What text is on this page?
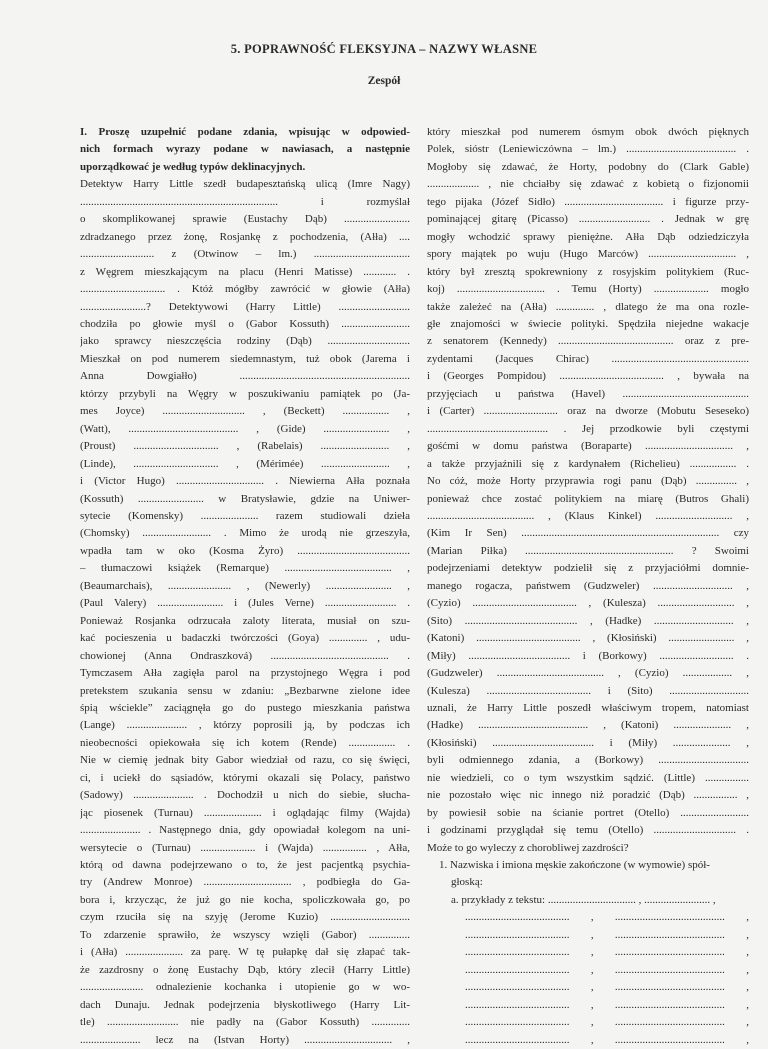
5. POPRAWNOŚĆ FLEKSYJNA – NAZWY WŁASNE
Zespół
I. Proszę uzupełnić podane zdania, wpisując w odpowied-
nich formach wyrazy podane w nawiasach, a następnie
uporządkować je według typów deklinacyjnych.
Detektyw Harry Little szedł budapesztańską ulicą (Imre Nagy)
........................................................................ i rozmyślał
o skomplikowanej sprawie (Eustachy Dąb) ........................
zdradzanego przez żonę, Rosjankę z pochodzenia, (Ałła) ....
........................... z (Otwinow – lm.) ...................................
z Węgrem mieszkającym na placu (Henri Matisse) ............ .
............................... . Któż mógłby zawrócić w głowie (Ałła)
........................? Detektywowi (Harry Little) ..........................
chodziła po głowie myśl o (Gabor Kossuth) .........................
jako sprawcy nieszczęścia rodziny (Dąb) ..............................
Mieszkał on pod numerem siedemnastym, tuż obok (Jarema i
Anna Dowgiałło) ..............................................................
którzy przybyli na Węgry w poszukiwaniu pamiątek po (Ja-
mes Joyce) .............................. , (Beckett) ................. ,
(Watt), ........................................ , (Gide) ........................ ,
(Proust) ............................... , (Rabelais) ......................... ,
(Linde), ............................... , (Mérimée) ......................... ,
i (Victor Hugo) ................................ . Niewierna Ałła poznała
(Kossuth) ........................ w Bratysławie, gdzie na Uniwer-
sytecie (Komensky) ..................... razem studiowali dzieła
(Chomsky) ......................... . Mimo że urodą nie grzeszyła,
wpadła tam w oko (Kosma Żyro) .........................................
– tłumaczowi książek (Remarque) ....................................... ,
(Beaumarchais), ....................... , (Newerly) ........................ ,
(Paul Valery) ........................ i (Jules Verne) .......................... .
Ponieważ Rosjanka odrzucała zaloty literata, musiał on szu-
kać pocieszenia u badaczki twórczości (Goya) .............. , udu-
chowionej (Anna Ondraszková) ........................................... .
Tymczasem Ałła zagięła parol na przystojnego Węgra i pod
pretekstem szukania sensu w zdaniu: „Bezbarwne zielone idee
śpią wściekle” zaciągnęła go do pustego mieszkania państwa
(Lange) ...................... , którzy poprosili ją, by podczas ich
nieobecności opiekowała się ich kotem (Rende) ................. .
Nie w ciemię jednak bity Gabor wiedział od razu, co się święci,
ci, i uciekł do sąsiadów, którymi okazali się Polacy, państwo
(Sadowy) ...................... . Dochodził u nich do siebie, słucha-
jąc piosenek (Turnau) ..................... i oglądając filmy (Wajda)
...................... . Następnego dnia, gdy opowiadał kolegom na uni-
wersytecie o (Turnau) .................... i (Wajda) ................ , Ałła,
którą od dawna podejrzewano o to, że jest pacjentką psychia-
try (Andrew Monroe) ................................ , podbiegła do Ga-
bora i, krzycząc, że już go nie kocha, spoliczkowała go, po
czym rzuciła się na szyję (Jerome Kuzio) .............................
To zdarzenie sprawiło, że wszyscy wzięli (Gabor) ...............
i (Ałła) ..................... za parę. W tę pułapkę dał się złapać tak-
że zazdrosny o żonę Eustachy Dąb, który zlecił (Harry Little)
....................... odnalezienie kochanka i utopienie go w wo-
dach Dunaju. Jednak podejrzenia błyskotliwego (Harry Lit-
tle) .......................... nie padły na (Gabor Kossuth) ..............
...................... lecz na (Istvan Horty) ................................ ,
który mieszkał pod numerem ósmym obok dwóch pięknych
Polek, sióstr (Leniewiczówna – lm.) ........................................ .
Mogłoby się zdawać, że Horty, podobny do (Clark Gable)
................... , nie chciałby się zdawać z kobietą o fizjonomii
tego pijaka (Józef Sidło) .................................... i figurze przy-
pominającej gitarę (Picasso) .......................... . Jednak w grę
mogły wchodzić sprawy pieniężne. Ałła Dąb odziedziczyła
spory majątek po wuju (Hugo Marców) ................................ ,
który był zresztą spokrewniony z rosyjskim politykiem (Ruc-
koj) ................................ . Temu (Horty) .................... mogło
także zależeć na (Ałła) .............. , dlatego że ma ona rozle-
głe znajomości w świecie polityki. Spędziła niejedne wakacje
z senatorem (Kennedy) .......................................... oraz z pre-
zydentami (Jacques Chirac) ..................................................
i (Georges Pompidou) ...................................... , bywała na
przyjęciach u państwa (Havel) ..............................................
i (Carter) ........................... oraz na dworze (Mobutu Seseseko)
............................................ . Jej przodkowie byli częstymi
gośćmi w domu państwa (Boraparte) ................................ ,
a także przyjaźnili się z kardynałem (Richelieu) ................. .
No cóż, może Horty przyprawia rogi panu (Dąb) ............... ,
ponieważ chce zostać politykiem na miarę (Butros Ghali)
....................................... , (Klaus Kinkel) ............................ ,
(Kim Ir Sen) ........................................................................ czy
(Marian Piłka) ...................................................... ? Swoimi
podejrzeniami detektyw podzielił się z przyjaciółmi domnie-
manego rogacza, państwem (Gudzweler) ............................. ,
(Cyzio) ...................................... , (Kulesza) ............................ ,
(Sito) ......................................... , (Hadke) ............................. ,
(Katoni) ...................................... , (Kłosiński) ........................ ,
(Miły) ..................................... i (Borkowy) ........................... .
(Gudzweler) ....................................... , (Cyzio) .................. ,
(Kulesza) ...................................... i (Sito) .............................
uznali, że Harry Little poszedł właściwym tropem, natomiast
(Hadke) ........................................ , (Katoni) ..................... ,
(Kłosiński) ..................................... i (Miły) ..................... ,
byli odmiennego zdania, a (Borkowy) .................................
nie wiedzieli, co o tym wszystkim sądzić. (Little) ................
nie pozostało więc nic innego niż poradzić (Dąb) ................ ,
by powiesił sobie na ścianie portret (Otello) .........................
i godzinami przyglądał się temu (Otello) .............................. .
Może to go wyleczy z chorobliwej zazdrości?
1. Nazwiska i imiona męskie zakończone (w wymowie) spół-
głoską:
a. przykłady z tekstu: ................................ , ........................ ,
...................................... , ........................................ ,
...................................... , ........................................ ,
...................................... , ........................................ ,
...................................... , ........................................ ,
...................................... , ........................................ ,
...................................... , ........................................ ,
...................................... , ........................................ ,
...................................... , ........................................ ,
